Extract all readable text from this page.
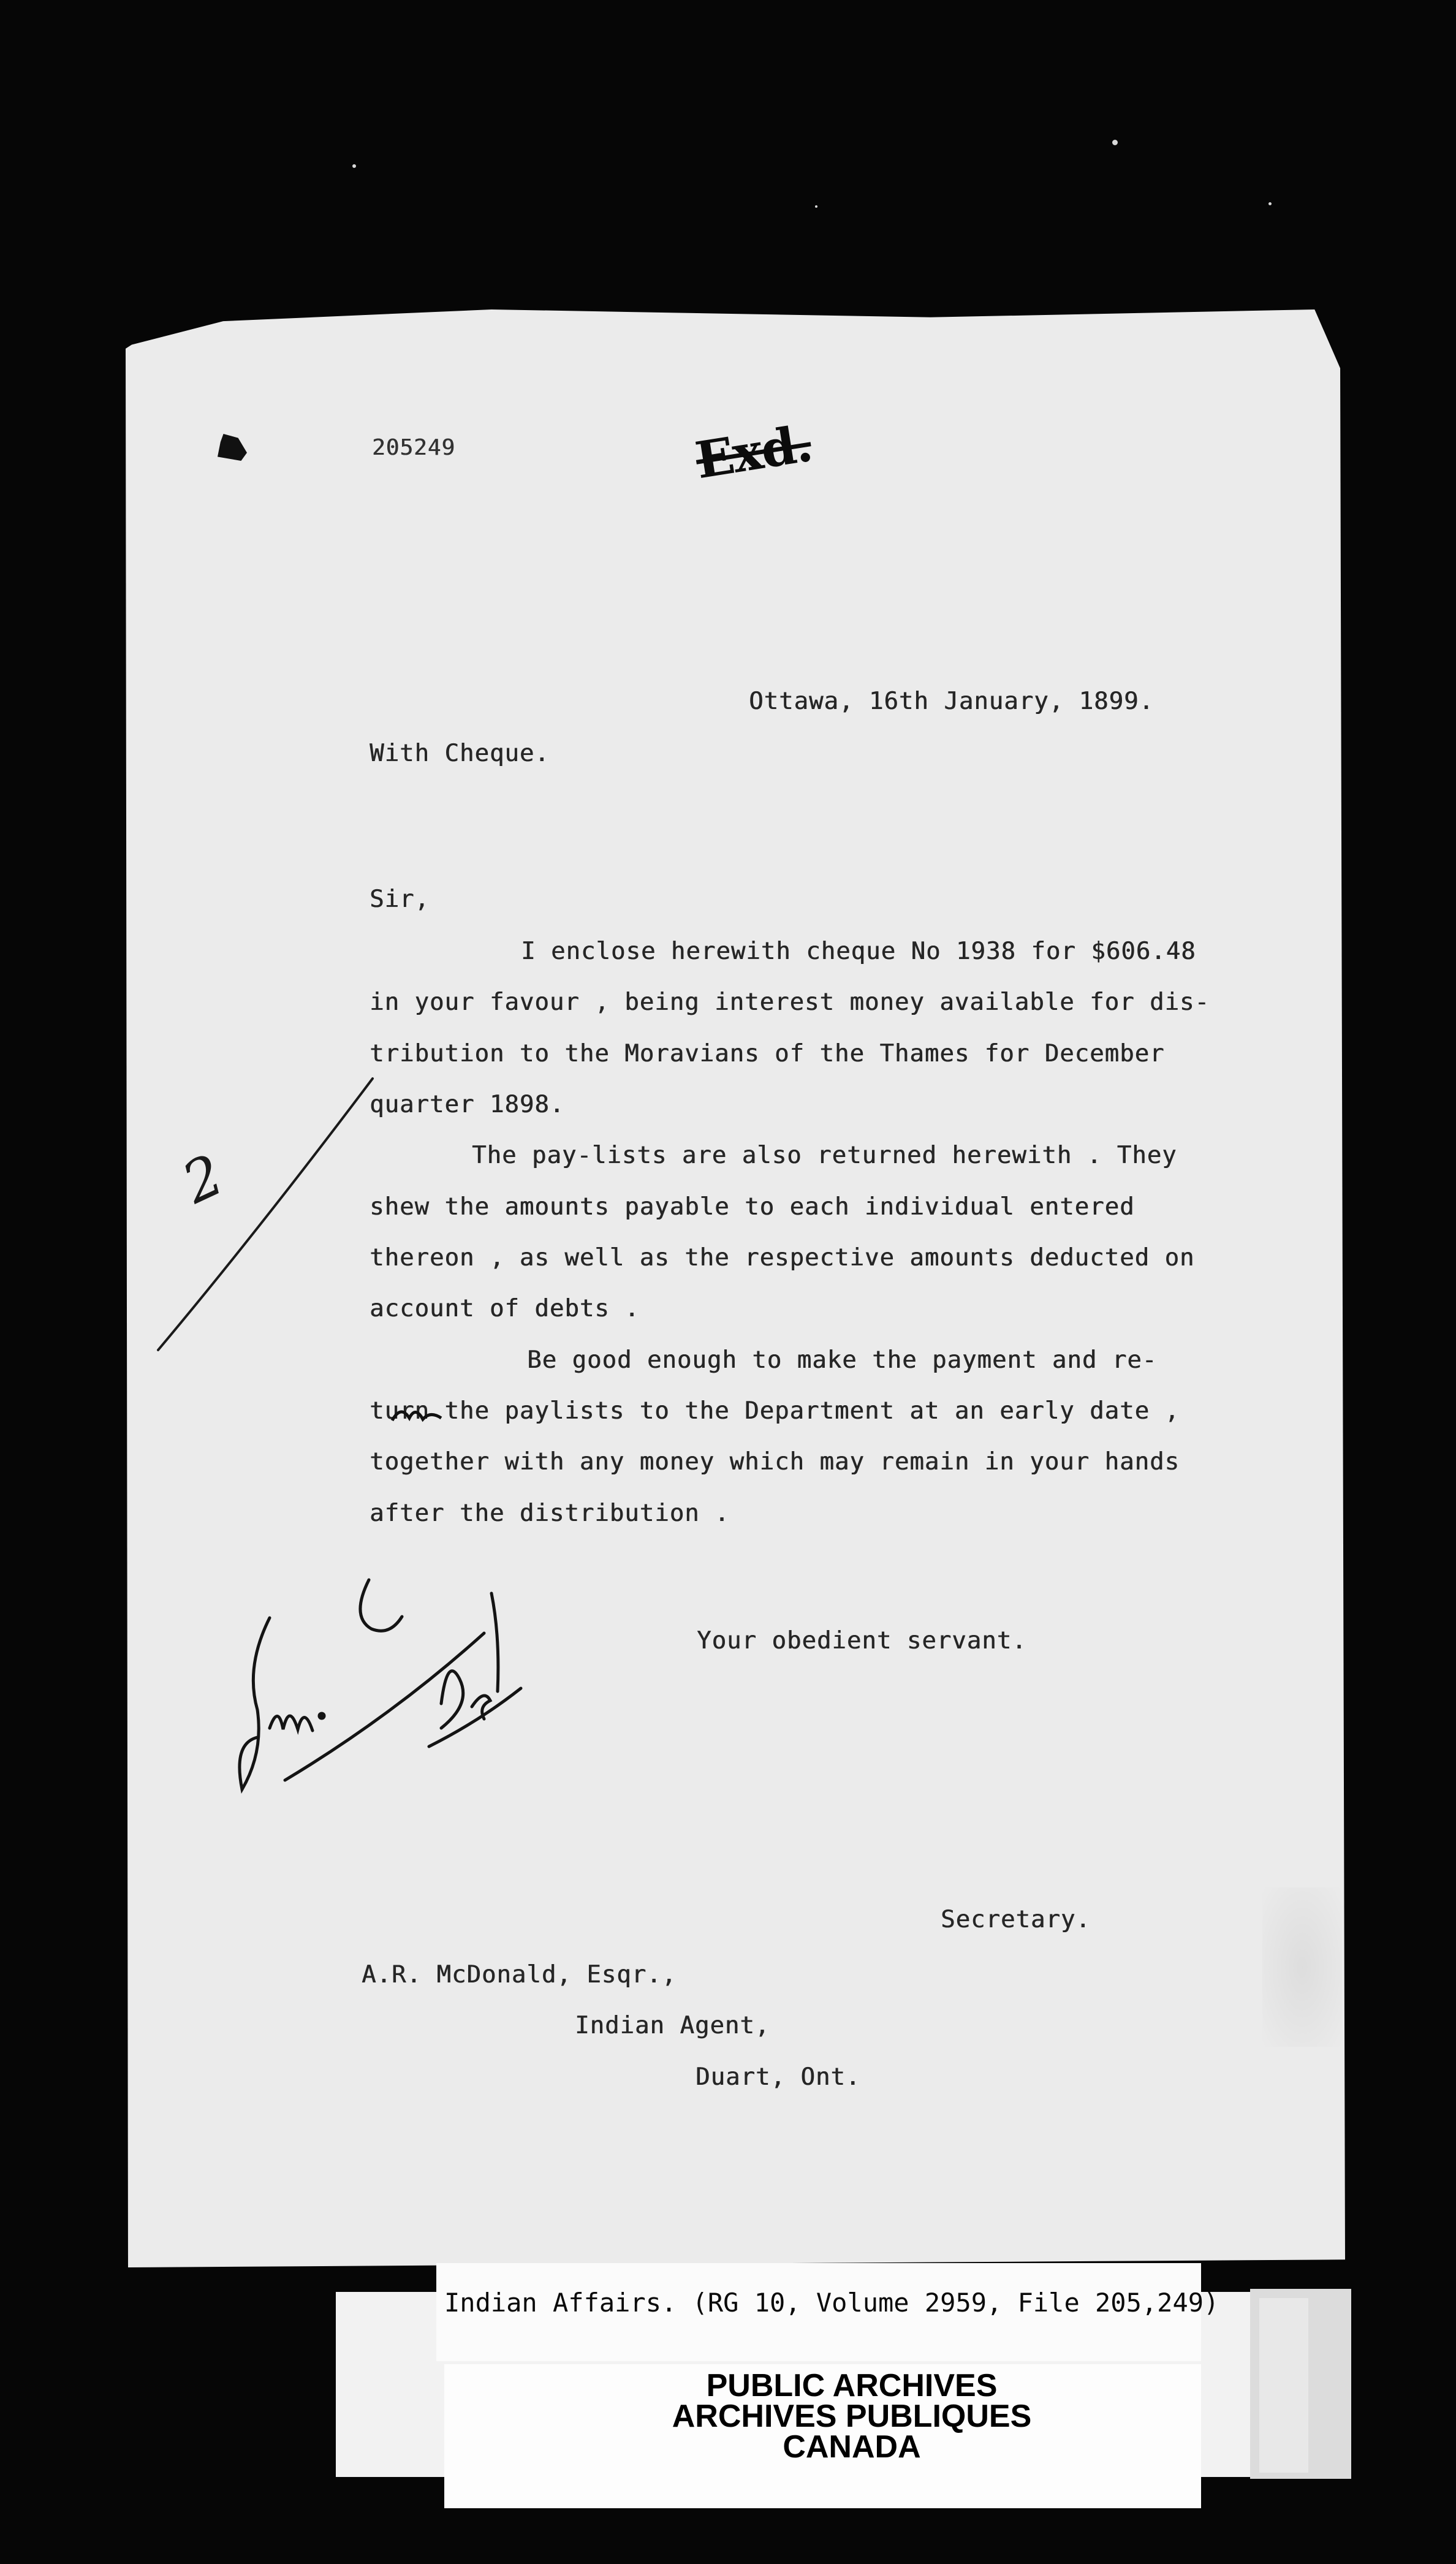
205249
Ottawa, 16th January, 1899.
With Cheque.
Sir,
I enclose herewith cheque No 1938 for $606.48
in your favour , being interest money available for dis-
tribution to the Moravians of the Thames for December
quarter 1898.
The pay-lists are also returned herewith . They
shew the amounts payable to each individual entered
thereon , as well as the respective amounts deducted on
account of debts .
Be good enough to make the payment and re-
turn the paylists to the Department at an early date ,
together with any money which may remain in your hands
after the distribution .
Your obedient servant.
Secretary.
A.R. McDonald, Esqr.,
Indian Agent,
Duart, Ont.
2
Indian Affairs. (RG 10, Volume 2959, File 205,249)
PUBLIC ARCHIVES
ARCHIVES PUBLIQUES
CANADA
